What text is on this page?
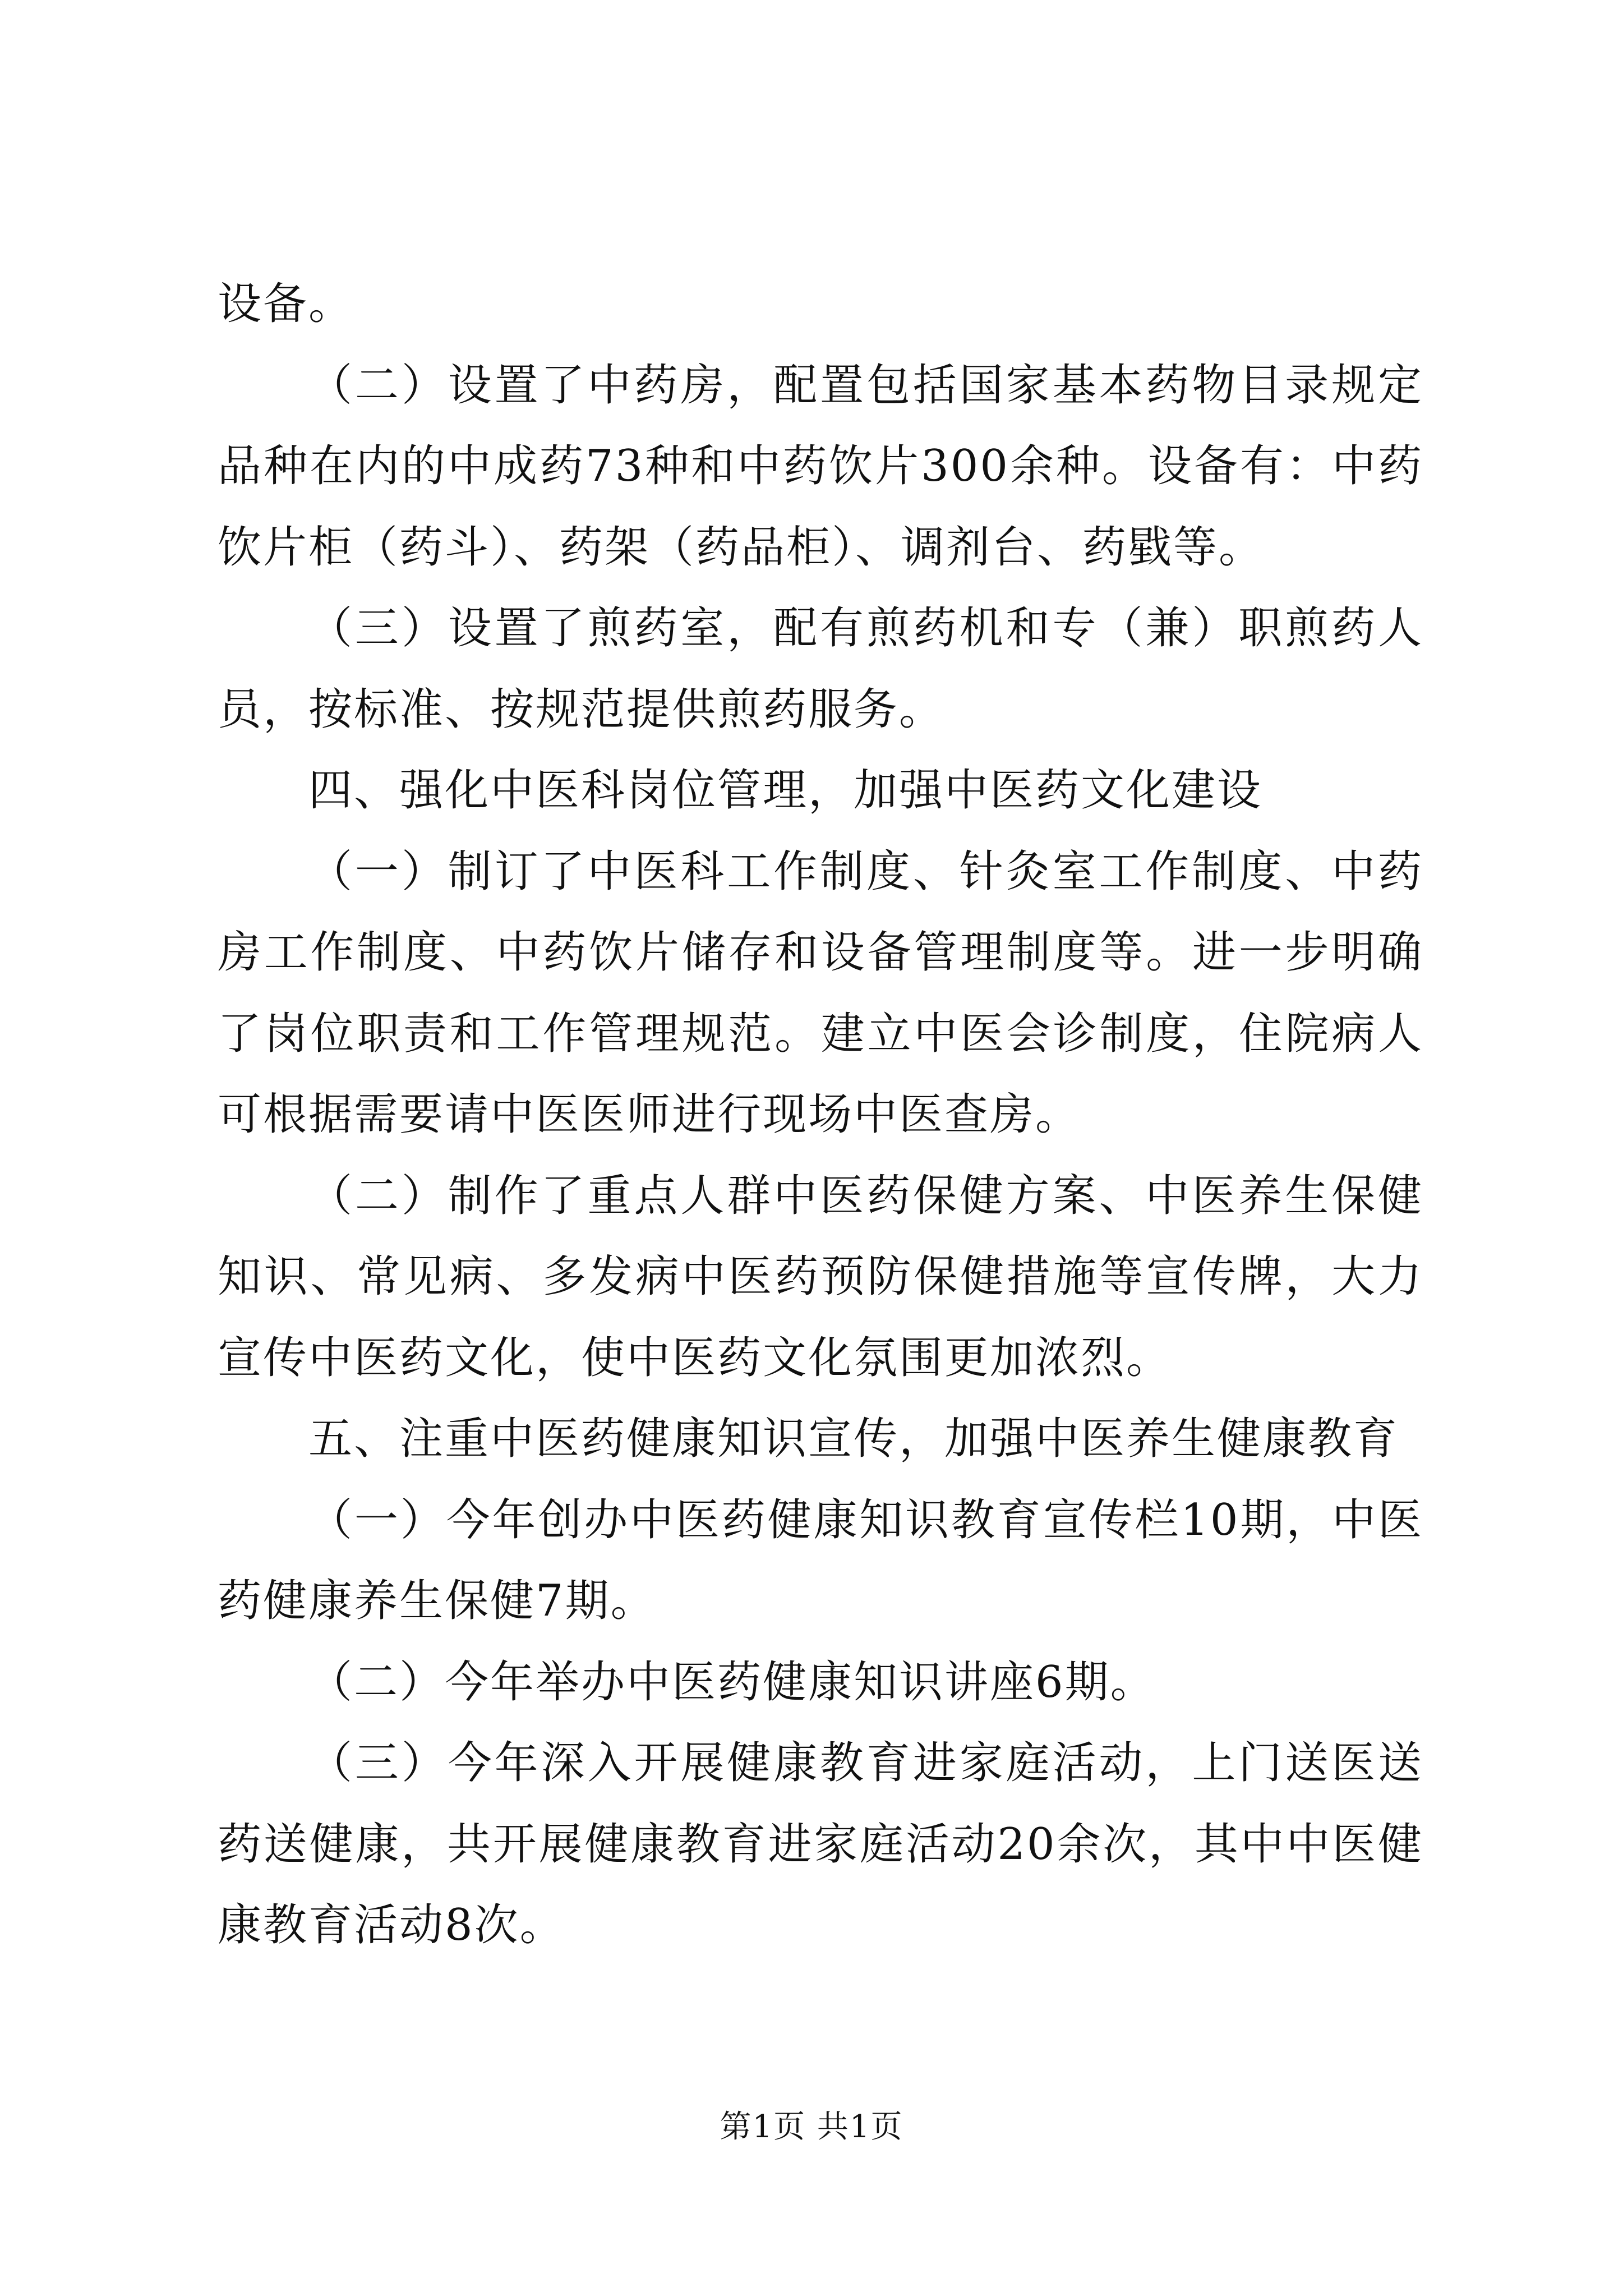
设备。

（二）设置了中药房，配置包括国家基本药物目录规定品种在内的中成药73种和中药饮片300余种。设备有：中药饮片柜（药斗）、药架（药品柜）、调剂台、药戥等。

（三）设置了煎药室，配有煎药机和专（兼）职煎药人员，按标准、按规范提供煎药服务。

四、强化中医科岗位管理，加强中医药文化建设

（一）制订了中医科工作制度、针灸室工作制度、中药房工作制度、中药饮片储存和设备管理制度等。进一步明确了岗位职责和工作管理规范。建立中医会诊制度，住院病人可根据需要请中医医师进行现场中医查房。

（二）制作了重点人群中医药保健方案、中医养生保健知识、常见病、多发病中医药预防保健措施等宣传牌，大力宣传中医药文化，使中医药文化氛围更加浓烈。

五、注重中医药健康知识宣传，加强中医养生健康教育

（一）今年创办中医药健康知识教育宣传栏10期，中医药健康养生保健7期。

（二）今年举办中医药健康知识讲座6期。

（三）今年深入开展健康教育进家庭活动，上门送医送药送健康，共开展健康教育进家庭活动20余次，其中中医健康教育活动8次。

第1页 共1页
